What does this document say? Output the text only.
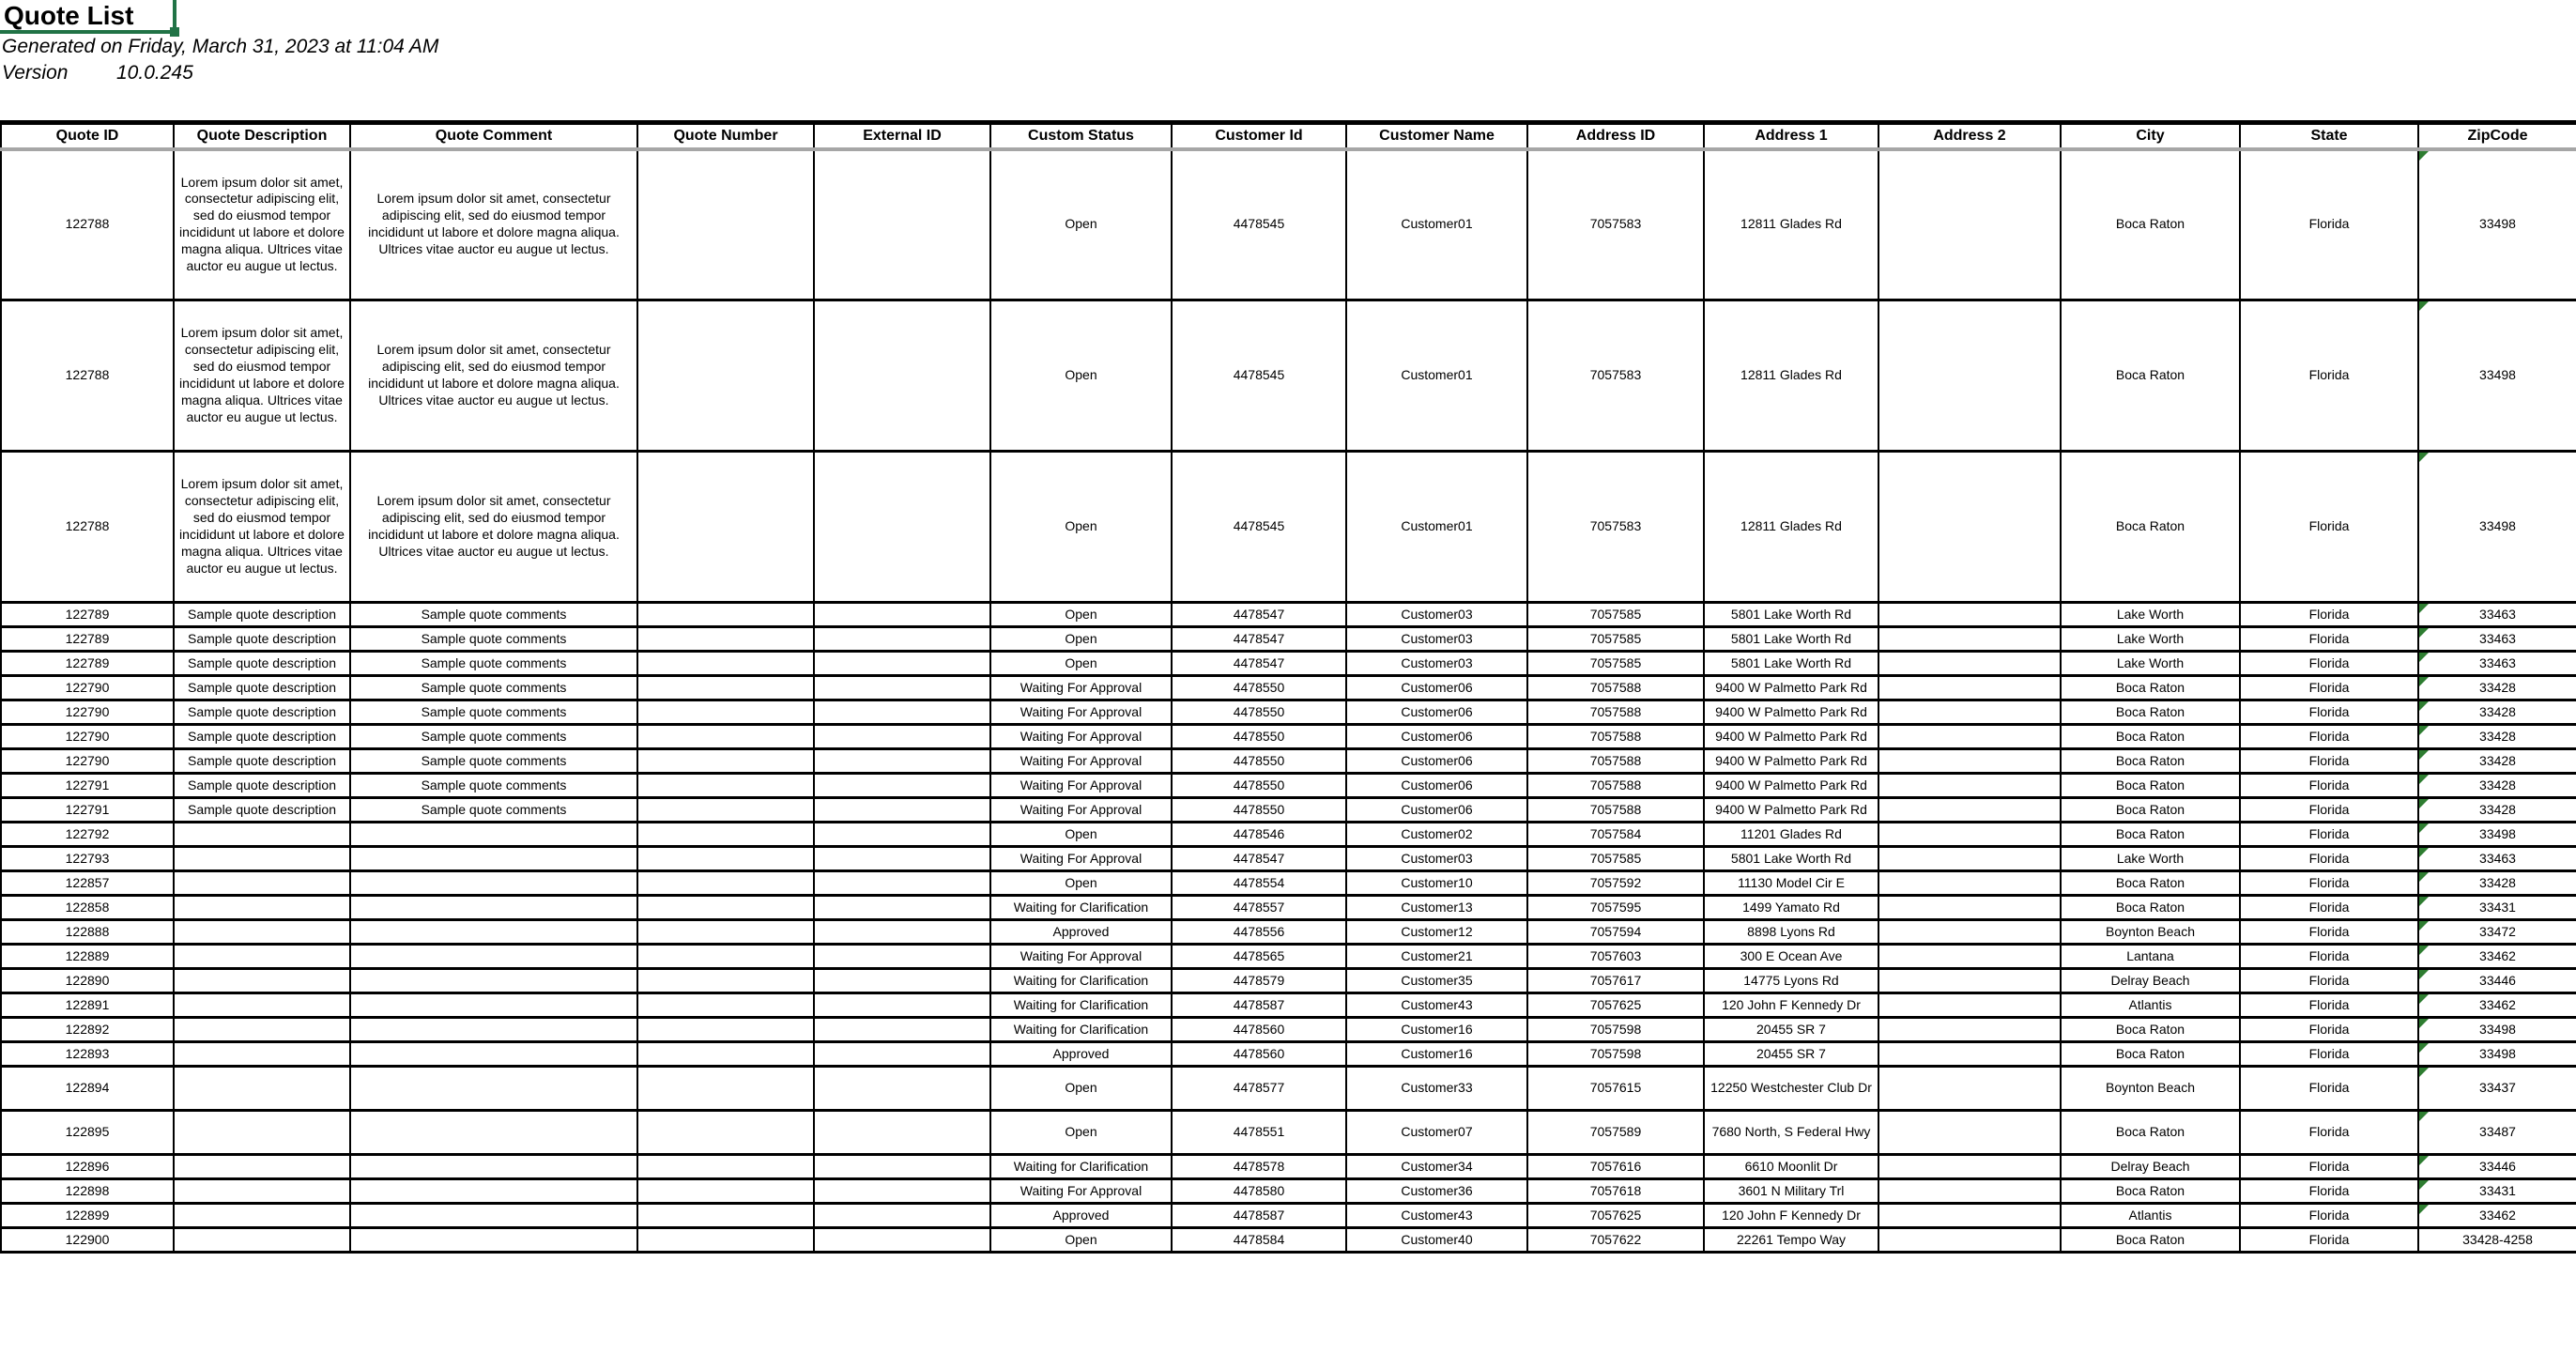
Quote List
Generated on Friday, March 31, 2023 at 11:04 AM
Version 10.0.245
Quote ID	Quote Description	Quote Comment	Quote Number	External ID	Custom Status	Customer Id	Customer Name	Address ID	Address 1	Address 2	City	State	ZipCode
122788	Lorem ipsum dolor sit amet, consectetur adipiscing elit, sed do eiusmod tempor incididunt ut labore et dolore magna aliqua. Ultrices vitae auctor eu augue ut lectus.	Lorem ipsum dolor sit amet, consectetur adipiscing elit, sed do eiusmod tempor incididunt ut labore et dolore magna aliqua. Ultrices vitae auctor eu augue ut lectus.			Open	4478545	Customer01	7057583	12811 Glades Rd		Boca Raton	Florida	33498
122788	Lorem ipsum dolor sit amet, consectetur adipiscing elit, sed do eiusmod tempor incididunt ut labore et dolore magna aliqua. Ultrices vitae auctor eu augue ut lectus.	Lorem ipsum dolor sit amet, consectetur adipiscing elit, sed do eiusmod tempor incididunt ut labore et dolore magna aliqua. Ultrices vitae auctor eu augue ut lectus.			Open	4478545	Customer01	7057583	12811 Glades Rd		Boca Raton	Florida	33498
122788	Lorem ipsum dolor sit amet, consectetur adipiscing elit, sed do eiusmod tempor incididunt ut labore et dolore magna aliqua. Ultrices vitae auctor eu augue ut lectus.	Lorem ipsum dolor sit amet, consectetur adipiscing elit, sed do eiusmod tempor incididunt ut labore et dolore magna aliqua. Ultrices vitae auctor eu augue ut lectus.			Open	4478545	Customer01	7057583	12811 Glades Rd		Boca Raton	Florida	33498
122789	Sample quote description	Sample quote comments			Open	4478547	Customer03	7057585	5801 Lake Worth Rd		Lake Worth	Florida	33463
122789	Sample quote description	Sample quote comments			Open	4478547	Customer03	7057585	5801 Lake Worth Rd		Lake Worth	Florida	33463
122789	Sample quote description	Sample quote comments			Open	4478547	Customer03	7057585	5801 Lake Worth Rd		Lake Worth	Florida	33463
122790	Sample quote description	Sample quote comments			Waiting For Approval	4478550	Customer06	7057588	9400 W Palmetto Park Rd		Boca Raton	Florida	33428
122790	Sample quote description	Sample quote comments			Waiting For Approval	4478550	Customer06	7057588	9400 W Palmetto Park Rd		Boca Raton	Florida	33428
122790	Sample quote description	Sample quote comments			Waiting For Approval	4478550	Customer06	7057588	9400 W Palmetto Park Rd		Boca Raton	Florida	33428
122790	Sample quote description	Sample quote comments			Waiting For Approval	4478550	Customer06	7057588	9400 W Palmetto Park Rd		Boca Raton	Florida	33428
122791	Sample quote description	Sample quote comments			Waiting For Approval	4478550	Customer06	7057588	9400 W Palmetto Park Rd		Boca Raton	Florida	33428
122791	Sample quote description	Sample quote comments			Waiting For Approval	4478550	Customer06	7057588	9400 W Palmetto Park Rd		Boca Raton	Florida	33428
122792					Open	4478546	Customer02	7057584	11201 Glades Rd		Boca Raton	Florida	33498
122793					Waiting For Approval	4478547	Customer03	7057585	5801 Lake Worth Rd		Lake Worth	Florida	33463
122857					Open	4478554	Customer10	7057592	11130 Model Cir E		Boca Raton	Florida	33428
122858					Waiting for Clarification	4478557	Customer13	7057595	1499 Yamato Rd		Boca Raton	Florida	33431
122888					Approved	4478556	Customer12	7057594	8898 Lyons Rd		Boynton Beach	Florida	33472
122889					Waiting For Approval	4478565	Customer21	7057603	300 E Ocean Ave		Lantana	Florida	33462
122890					Waiting for Clarification	4478579	Customer35	7057617	14775 Lyons Rd		Delray Beach	Florida	33446
122891					Waiting for Clarification	4478587	Customer43	7057625	120 John F Kennedy Dr		Atlantis	Florida	33462
122892					Waiting for Clarification	4478560	Customer16	7057598	20455 SR 7		Boca Raton	Florida	33498
122893					Approved	4478560	Customer16	7057598	20455 SR 7		Boca Raton	Florida	33498
122894					Open	4478577	Customer33	7057615	12250 Westchester Club Dr		Boynton Beach	Florida	33437
122895					Open	4478551	Customer07	7057589	7680 North, S Federal Hwy		Boca Raton	Florida	33487
122896					Waiting for Clarification	4478578	Customer34	7057616	6610 Moonlit Dr		Delray Beach	Florida	33446
122898					Waiting For Approval	4478580	Customer36	7057618	3601 N Military Trl		Boca Raton	Florida	33431
122899					Approved	4478587	Customer43	7057625	120 John F Kennedy Dr		Atlantis	Florida	33462
122900					Open	4478584	Customer40	7057622	22261 Tempo Way		Boca Raton	Florida	33428-4258
